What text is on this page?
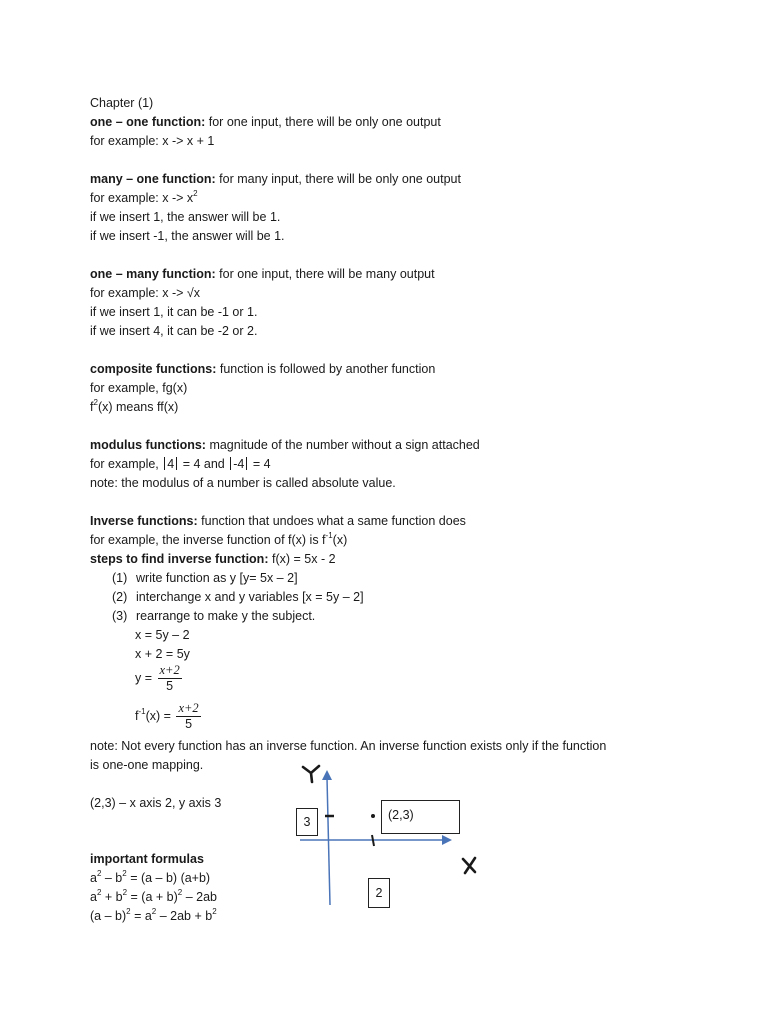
Chapter (1)
one – one function: for one input, there will be only one output
for example: x -> x + 1
many – one function: for many input, there will be only one output
for example: $x -> x^2$
if we insert 1, the answer will be 1.
if we insert -1, the answer will be 1.
one – many function: for one input, there will be many output
for example: x -> √x
if we insert 1, it can be -1 or 1.
if we insert 4, it can be -2 or 2.
composite functions: function is followed by another function
for example, fg(x)
$f^2(x)$ means ff(x)
modulus functions: magnitude of the number without a sign attached
for example, 4 = 4 and -4 = 4
note: the modulus of a number is called absolute value.
Inverse functions: function that undoes what a same function does
for example, the inverse function of f(x) is $f^{-1}(x)$
steps to find inverse function: f(x) = 5x - 2
(1) write function as y [y= 5x – 2]
(2) interchange x and y variables [x = 5y – 2]
(3) rearrange to make y the subject.
x = 5y – 2
x + 2 = 5y
$y = \frac{x+2}{5}$
$f^{-1}(x) = \frac{x+2}{5}$
note: Not every function has an inverse function. An inverse function exists only if the function
is one-one mapping.
(2,3) – x axis 2, y axis 3
important formulas
$a^2 - b^2 = (a - b)$ (a+b)
$a^2 + b^2 = (a + b)^2 - 2ab$
$(a - b)^2 = a^2 - 2ab + b^2$
3
2
(2,3)
